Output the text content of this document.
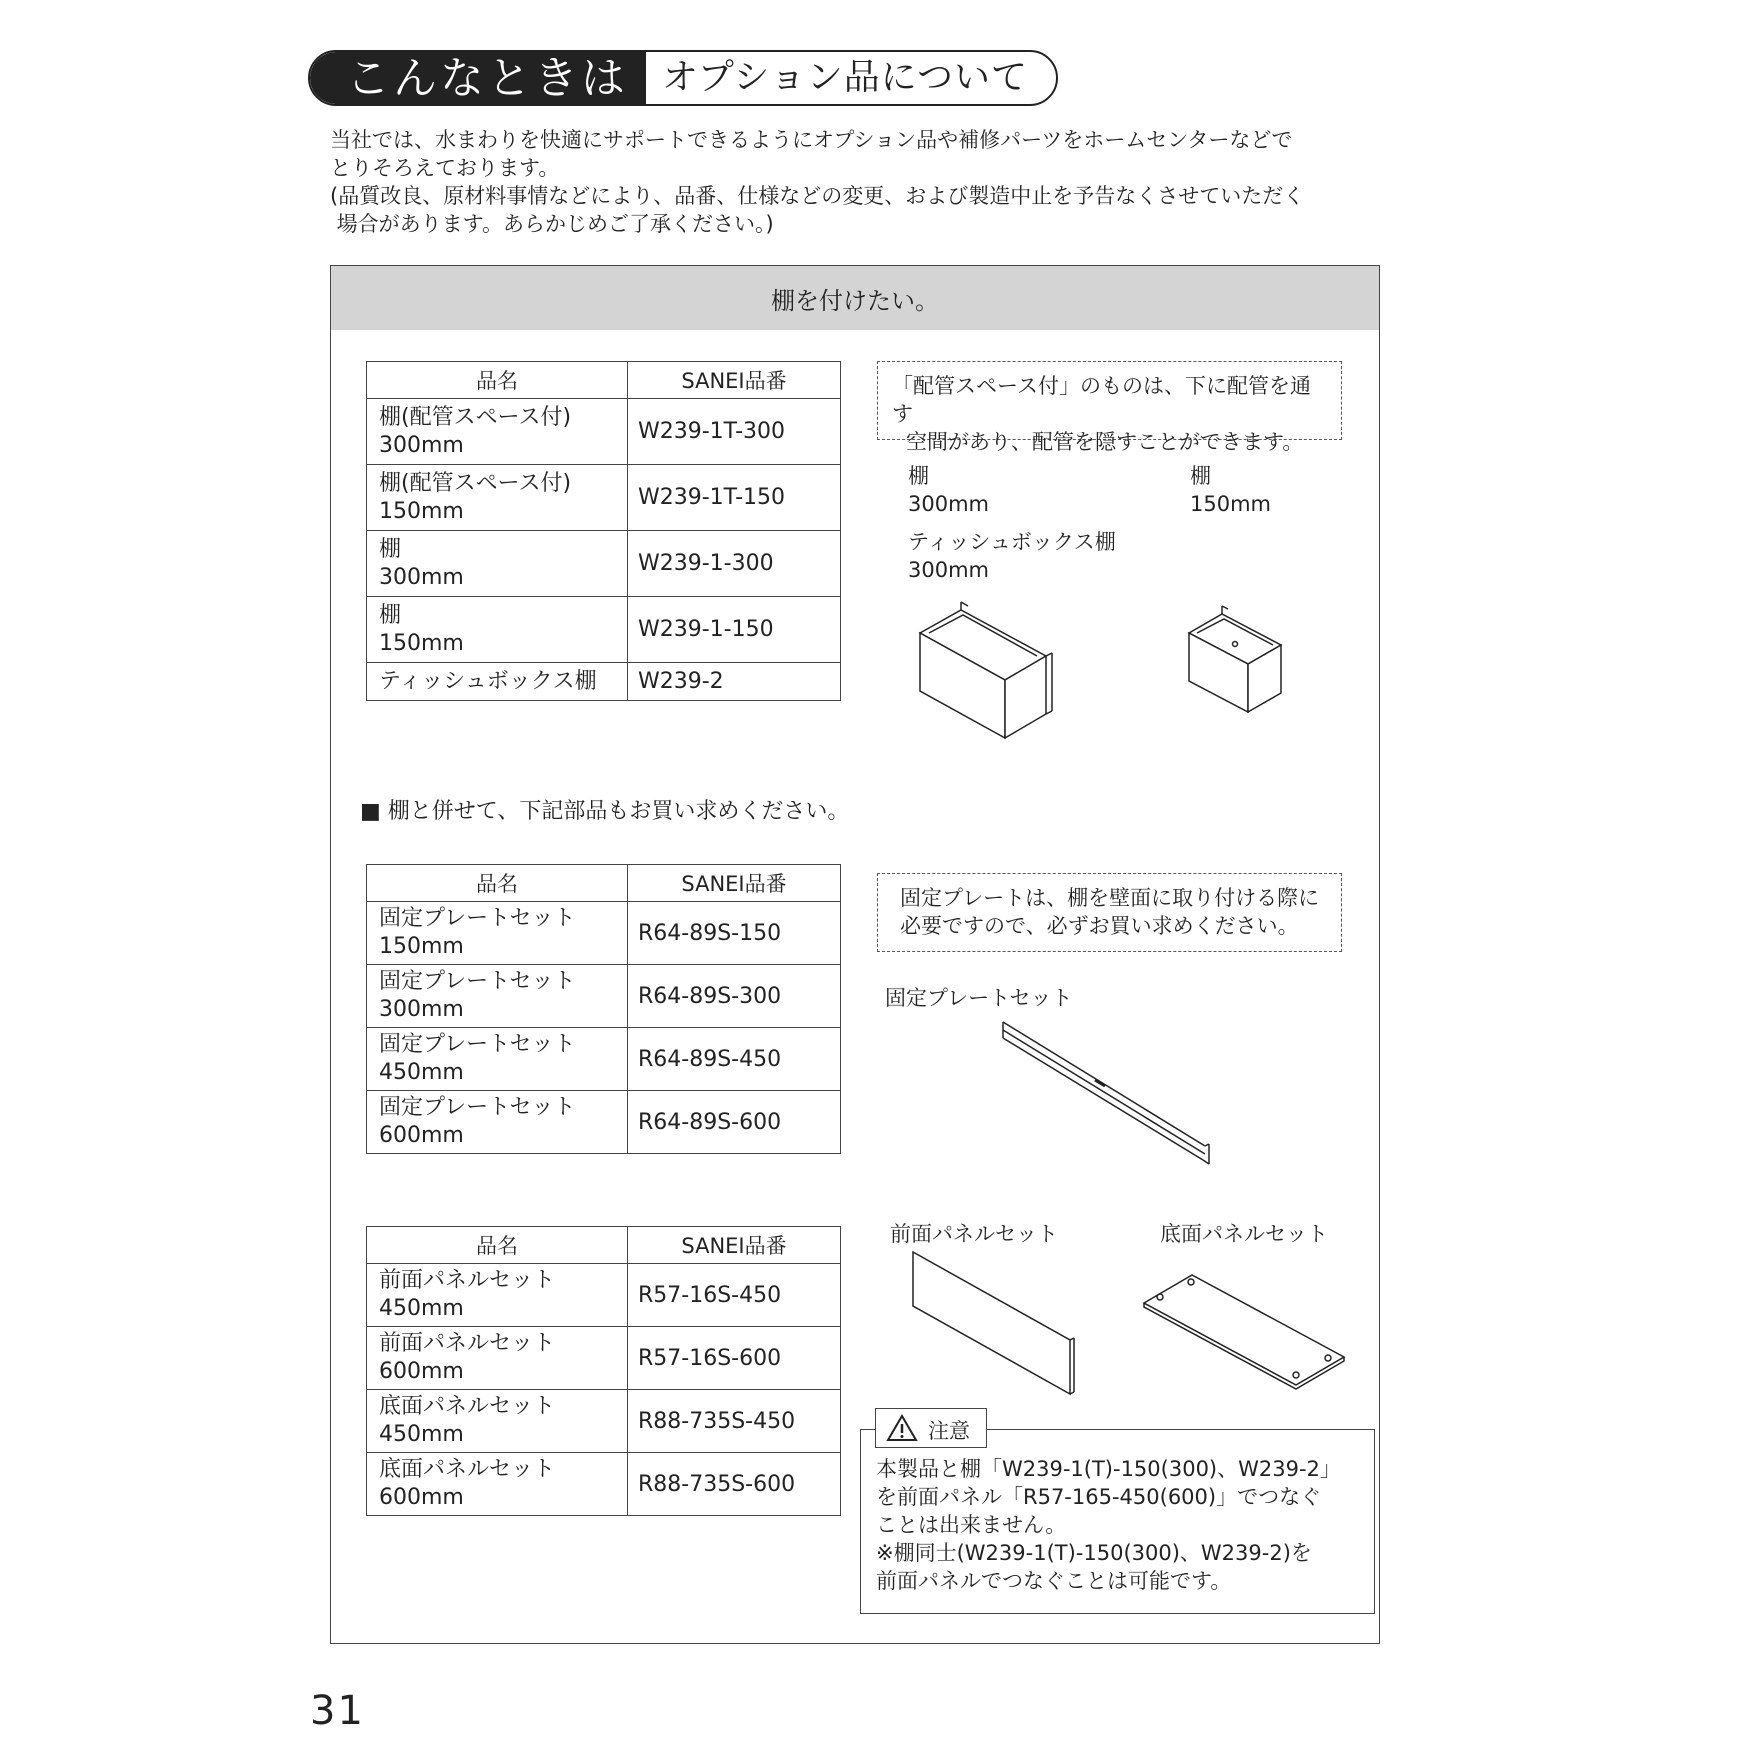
こんなときは オプション品について
当社では、水まわりを快適にサポートできるようにオプション品や補修パーツをホームセンターなどで
とりそろえております。
(品質改良、原材料事情などにより、品番、仕様などの変更、および製造中止を予告なくさせていただく
場合があります。あらかじめご了承ください。)
棚を付けたい。
品名	SANEI品番
棚(配管スペース付)
300mm	W239-1T-300
棚(配管スペース付)
150mm	W239-1T-150
棚
300mm	W239-1-300
棚
150mm	W239-1-150
ティッシュボックス棚	W239-2
「配管スペース付」のものは、下に配管を通す
空間があり、配管を隠すことができます。
棚
300mm
ティッシュボックス棚
300mm
棚
150mm
■ 棚と併せて、下記部品もお買い求めください。
品名	SANEI品番
固定プレートセット
150mm	R64-89S-150
固定プレートセット
300mm	R64-89S-300
固定プレートセット
450mm	R64-89S-450
固定プレートセット
600mm	R64-89S-600
固定プレートは、棚を壁面に取り付ける際に
必要ですので、必ずお買い求めください。
固定プレートセット
品名	SANEI品番
前面パネルセット
450mm	R57-16S-450
前面パネルセット
600mm	R57-16S-600
底面パネルセット
450mm	R88-735S-450
底面パネルセット
600mm	R88-735S-600
前面パネルセット	底面パネルセット
注意
本製品と棚「W239-1(T)-150(300)、W239-2」
を前面パネル「R57-165-450(600)」でつなぐ
ことは出来ません。
※棚同士(W239-1(T)-150(300)、W239-2)を
前面パネルでつなぐことは可能です。
31
